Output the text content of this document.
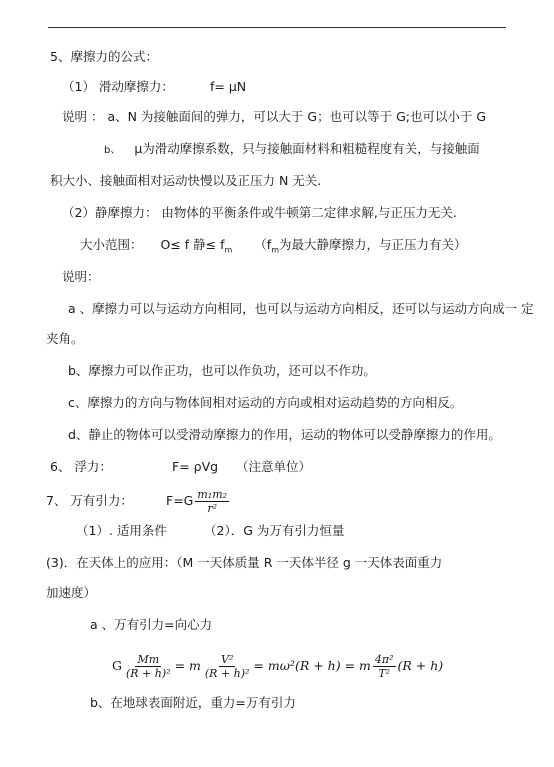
5、摩擦力的公式：
（1） 滑动摩擦力：	f= μN
说明 ： a、N 为接触面间的弹力，可以大于 G；也可以等于 G;也可以小于 G
b、 μ为滑动摩擦系数，只与接触面材料和粗糙程度有关，与接触面
积大小、接触面相对运动快慢以及正压力 N 无关.
（2）静摩擦力： 由物体的平衡条件或牛顿第二定律求解,与正压力无关.
大小范围： O≤ f 静≤ $f_m$ （$f_m$为最大静摩擦力，与正压力有关）
说明：
a 、摩擦力可以与运动方向相同，也可以与运动方向相反，还可以与运动方向成一 定
夹角。
b、摩擦力可以作正功，也可以作负功，还可以不作功。
c、摩擦力的方向与物体间相对运动的方向或相对运动趋势的方向相反。
d、静止的物体可以受滑动摩擦力的作用，运动的物体可以受静摩擦力的作用。
6、 浮力：	F= ρVg （注意单位）
7、 万有引力：	$F=G \frac{\text{m₁m₂}}{\text{r²}}$
（1）. 适用条件	（2）．G 为万有引力恒量
(3)．在天体上的应用：（M 一天体质量 R 一天体半径 g 一天体表面重力
加速度）
a 、万有引力=向心力
G $\frac{Mm}{\text{(R + h)²}} = m \frac{\text{V²}}{\text{(R + h)²}} = m\omega^2(R + h) = m \frac{\text{4π²}}{\text{T²}} (R + h)$
b、在地球表面附近，重力=万有引力
